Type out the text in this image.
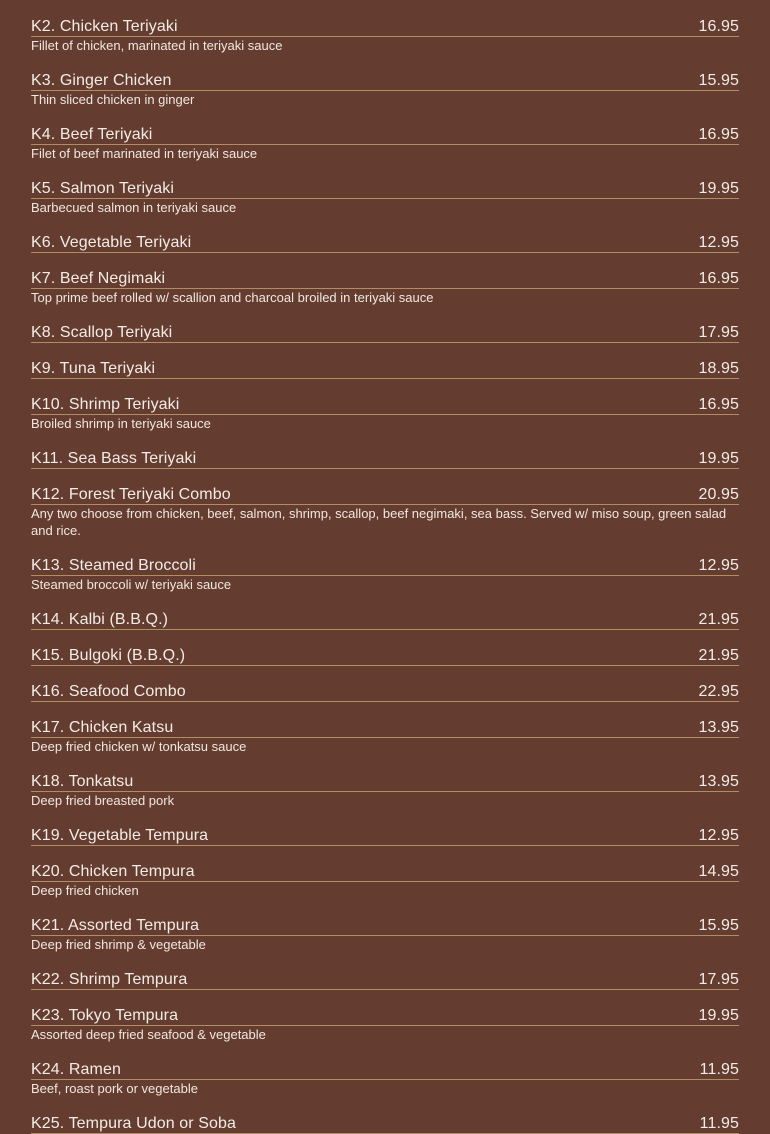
K2. Chicken Teriyaki	16.95
Fillet of chicken, marinated in teriyaki sauce
K3. Ginger Chicken	15.95
Thin sliced chicken in ginger
K4. Beef Teriyaki	16.95
Filet of beef marinated in teriyaki sauce
K5. Salmon Teriyaki	19.95
Barbecued salmon in teriyaki sauce
K6. Vegetable Teriyaki	12.95
K7. Beef Negimaki	16.95
Top prime beef rolled w/ scallion and charcoal broiled in teriyaki sauce
K8. Scallop Teriyaki	17.95
K9. Tuna Teriyaki	18.95
K10. Shrimp Teriyaki	16.95
Broiled shrimp in teriyaki sauce
K11. Sea Bass Teriyaki	19.95
K12. Forest Teriyaki Combo	20.95
Any two choose from chicken, beef, salmon, shrimp, scallop, beef negimaki, sea bass. Served w/ miso soup, green salad and rice.
K13. Steamed Broccoli	12.95
Steamed broccoli w/ teriyaki sauce
K14. Kalbi (B.B.Q.)	21.95
K15. Bulgoki (B.B.Q.)	21.95
K16. Seafood Combo	22.95
K17. Chicken Katsu	13.95
Deep fried chicken w/ tonkatsu sauce
K18. Tonkatsu	13.95
Deep fried breasted pork
K19. Vegetable Tempura	12.95
K20. Chicken Tempura	14.95
Deep fried chicken
K21. Assorted Tempura	15.95
Deep fried shrimp & vegetable
K22. Shrimp Tempura	17.95
K23. Tokyo Tempura	19.95
Assorted deep fried seafood & vegetable
K24. Ramen	11.95
Beef, roast pork or vegetable
K25. Tempura Udon or Soba	11.95
